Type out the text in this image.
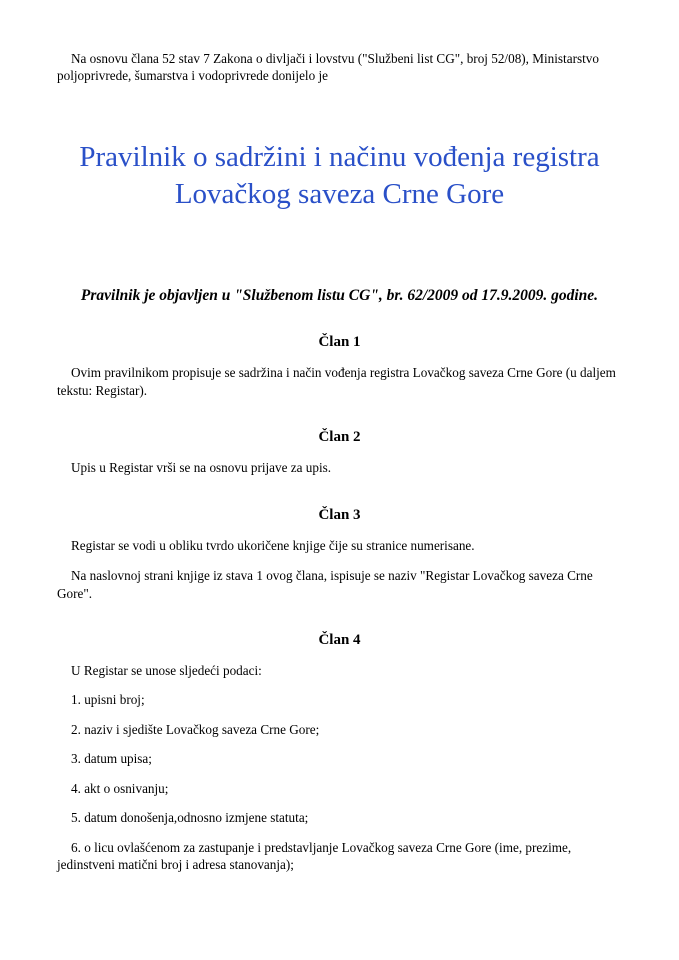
Na osnovu člana 52 stav 7 Zakona o divljači i lovstvu ("Službeni list CG", broj 52/08), Ministarstvo poljoprivrede, šumarstva i vodoprivrede donijelo je

Pravilnik o sadržini i načinu vođenja registra Lovačkog saveza Crne Gore

Pravilnik je objavljen u "Službenom listu CG", br. 62/2009 od 17.9.2009. godine.

Član 1

Ovim pravilnikom propisuje se sadržina i način vođenja registra Lovačkog saveza Crne Gore (u daljem tekstu: Registar).

Član 2

Upis u Registar vrši se na osnovu prijave za upis.

Član 3

Registar se vodi u obliku tvrdo ukoričene knjige čije su stranice numerisane.

Na naslovnoj strani knjige iz stava 1 ovog člana, ispisuje se naziv "Registar Lovačkog saveza Crne Gore".

Član 4

U Registar se unose sljedeći podaci:

1. upisni broj;

2. naziv i sjedište Lovačkog saveza Crne Gore;

3. datum upisa;

4. akt o osnivanju;

5. datum donošenja,odnosno izmjene statuta;

6. o licu ovlašćenom za zastupanje i predstavljanje Lovačkog saveza Crne Gore (ime, prezime, jedinstveni matični broj i adresa stanovanja);
